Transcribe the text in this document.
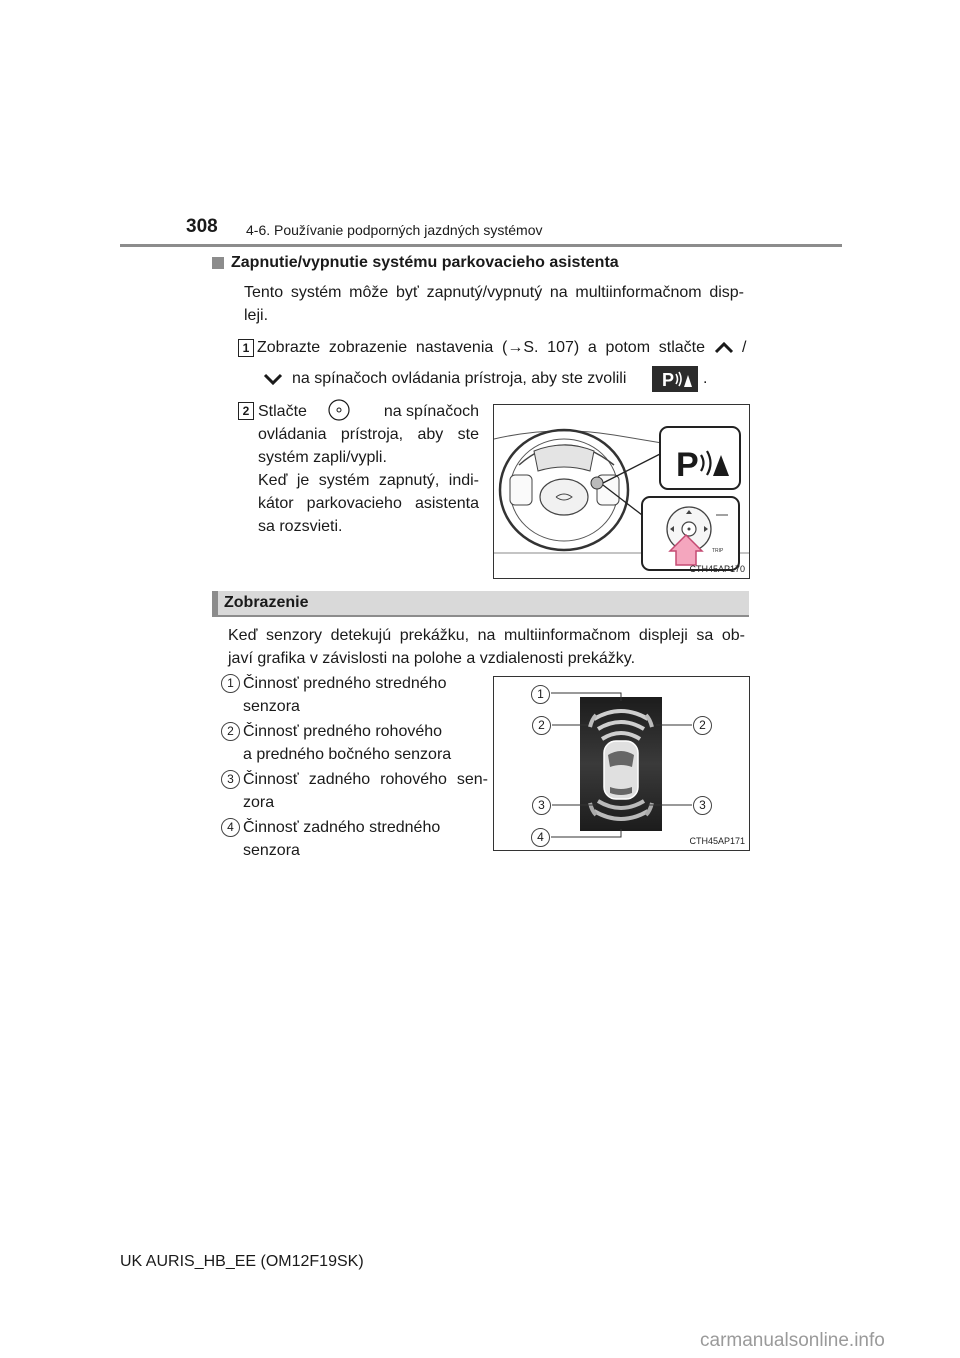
308 4-6. Používanie podporných jazdných systémov
Zapnutie/vypnutie systému parkovacieho asistenta
Tento systém môže byť zapnutý/vypnutý na multiinformačnom disp-
leji.
1 Zobrazte zobrazenie nastavenia (→S. 107) a potom stlačte /
na spínačoch ovládania prístroja, aby ste zvolili P .
2 Stlačte	na spínačoch
ovládania prístroja, aby ste
systém zapli/vypli.
Keď je systém zapnutý, indi-
kátor parkovacieho asistenta
sa rozsvieti.
P
TRIP
CTH45AP170
Zobrazenie
Keď senzory detekujú prekážku, na multiinformačnom displeji sa ob-
javí grafika v závislosti na polohe a vzdialenosti prekážky.
1 Činnosť predného stredného
senzora
2 Činnosť predného rohového
a predného bočného senzora
3 Činnosť zadného rohového sen-
zora
4 Činnosť zadného stredného
senzora
1
2	2
3	3
4	CTH45AP171
UK AURIS_HB_EE (OM12F19SK)
carmanualsonline.info
